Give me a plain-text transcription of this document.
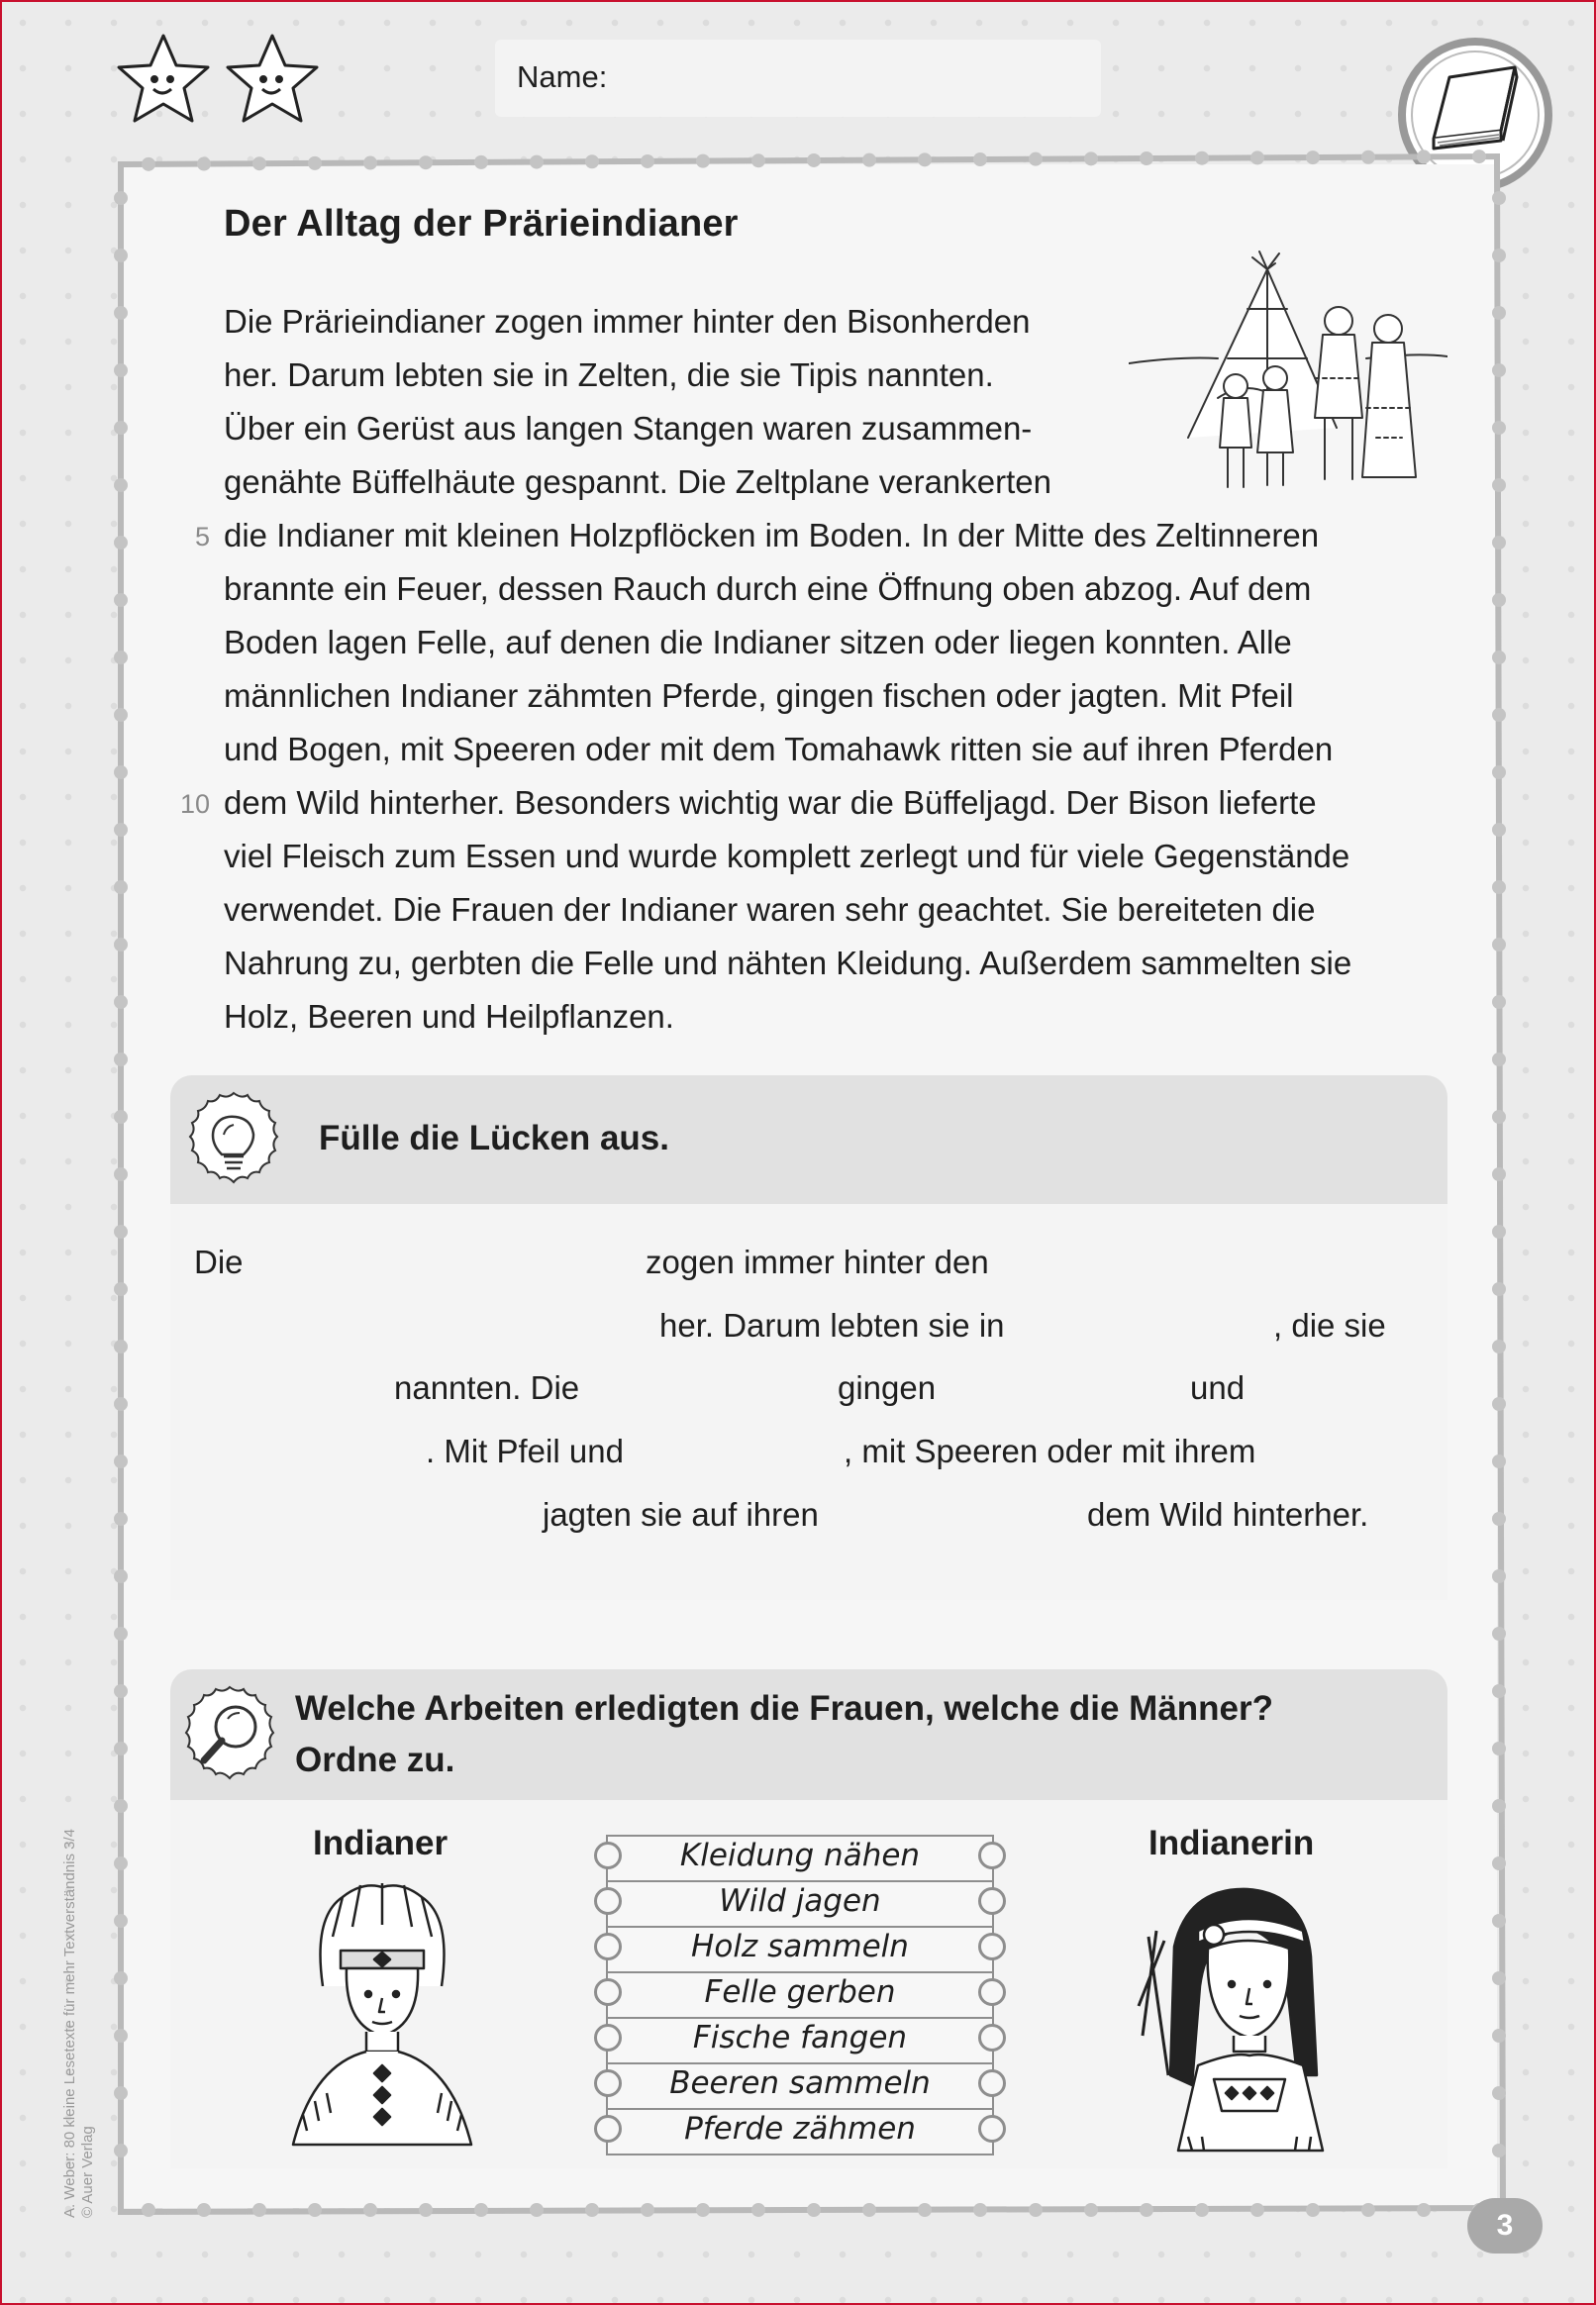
Name:
Der Alltag der Prärieindianer
Die Prärieindianer zogen immer hinter den Bisonherden
her. Darum lebten sie in Zelten, die sie Tipis nannten.
Über ein Gerüst aus langen Stangen waren zusammen-
genähte Büffelhäute gespannt. Die Zeltplane verankerten
die Indianer mit kleinen Holzpflöcken im Boden. In der Mitte des Zeltinneren
brannte ein Feuer, dessen Rauch durch eine Öffnung oben abzog. Auf dem
Boden lagen Felle, auf denen die Indianer sitzen oder liegen konnten. Alle
männlichen Indianer zähmten Pferde, gingen fischen oder jagten. Mit Pfeil
und Bogen, mit Speeren oder mit dem Tomahawk ritten sie auf ihren Pferden
dem Wild hinterher. Besonders wichtig war die Büffeljagd. Der Bison lieferte
viel Fleisch zum Essen und wurde komplett zerlegt und für viele Gegenstände
verwendet. Die Frauen der Indianer waren sehr geachtet. Sie bereiteten die
Nahrung zu, gerbten die Felle und nähten Kleidung. Außerdem sammelten sie
Holz, Beeren und Heilpflanzen.
5
10
Fülle die Lücken aus.
Die	zogen immer hinter den
her. Darum lebten sie in	, die sie
nannten. Die	gingen	und
. Mit Pfeil und	, mit Speeren oder mit ihrem
jagten sie auf ihren	dem Wild hinterher.
Welche Arbeiten erledigten die Frauen, welche die Männer?
Ordne zu.
Indianer	Indianerin
Kleidung nähen
Wild jagen
Holz sammeln
Felle gerben
Fische fangen
Beeren sammeln
Pferde zähmen
A. Weber: 80 kleine Lesetexte für mehr Textverständnis 3/4 © Auer Verlag
3
